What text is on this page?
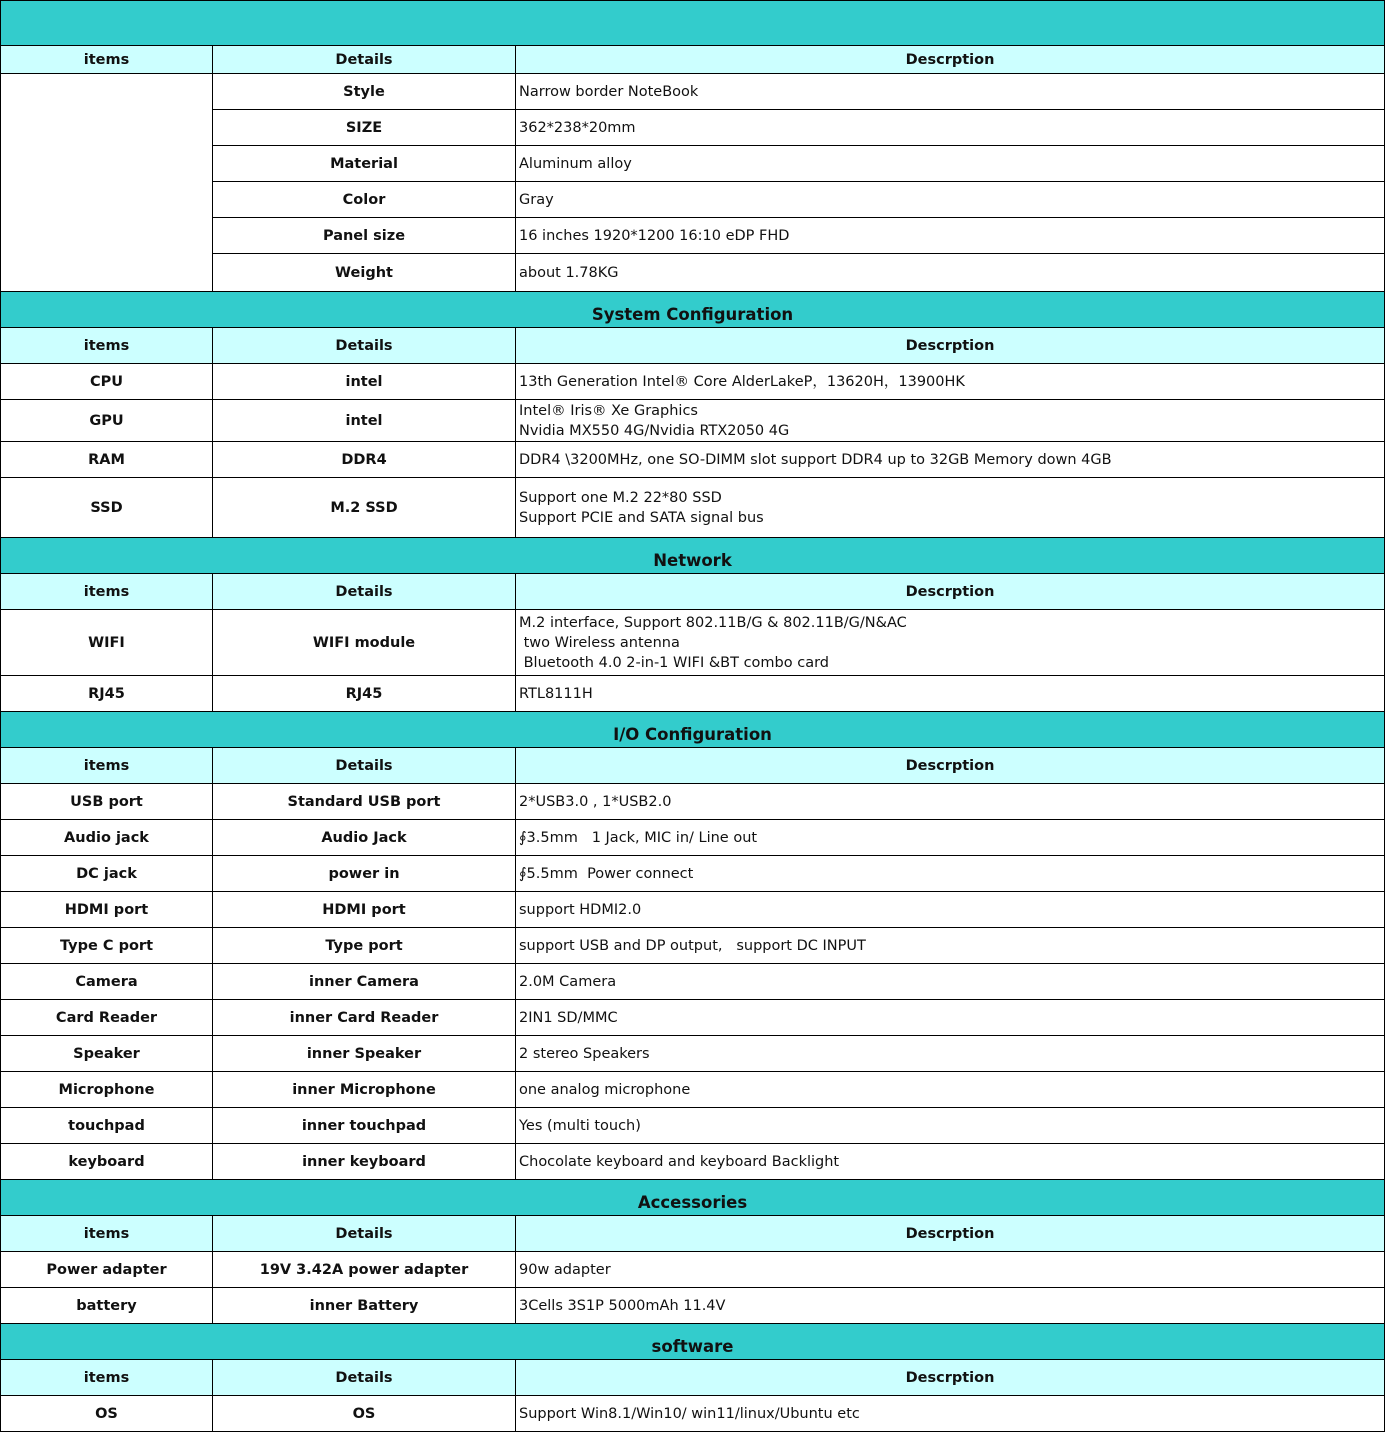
items	Details	Descrption
	Style	Narrow border NoteBook
	SIZE	362*238*20mm
	Material	Aluminum alloy
	Color	Gray
	Panel size	16 inches 1920*1200 16:10 eDP FHD
	Weight	about 1.78KG
System Configuration		
items	Details	Descrption
CPU	intel	13th Generation Intel® Core AlderLakeP，13620H，13900HK
GPU	intel	Intel® Iris® Xe Graphics
Nvidia MX550 4G/Nvidia RTX2050 4G
RAM	DDR4	DDR4 \3200MHz, one SO-DIMM slot support DDR4 up to 32GB Memory down 4GB
SSD	M.2 SSD	Support one M.2 22*80 SSD
Support PCIE and SATA signal bus
Network		
items	Details	Descrption
WIFI	WIFI module	M.2 interface, Support 802.11B/G & 802.11B/G/N&AC
two Wireless antenna
Bluetooth 4.0 2-in-1 WIFI &BT combo card
RJ45	RJ45	RTL8111H
I/O Configuration		
items	Details	Descrption
USB port	Standard USB port	2*USB3.0 , 1*USB2.0
Audio jack	Audio Jack	∮3.5mm   1 Jack, MIC in/ Line out
DC jack	power in	∮5.5mm  Power connect
HDMI port	HDMI port	support HDMI2.0
Type C port	Type port	support USB and DP output,   support DC INPUT
Camera	inner Camera	2.0M Camera
Card Reader	inner Card Reader	2IN1 SD/MMC
Speaker	inner Speaker	2 stereo Speakers
Microphone	inner Microphone	one analog microphone
touchpad	inner touchpad	Yes (multi touch)
keyboard	inner keyboard	Chocolate keyboard and keyboard Backlight
Accessories		
items	Details	Descrption
Power adapter	19V 3.42A power adapter	90w adapter
battery	inner Battery	3Cells 3S1P 5000mAh 11.4V
software		
items	Details	Descrption
OS	OS	Support Win8.1/Win10/ win11/linux/Ubuntu etc
